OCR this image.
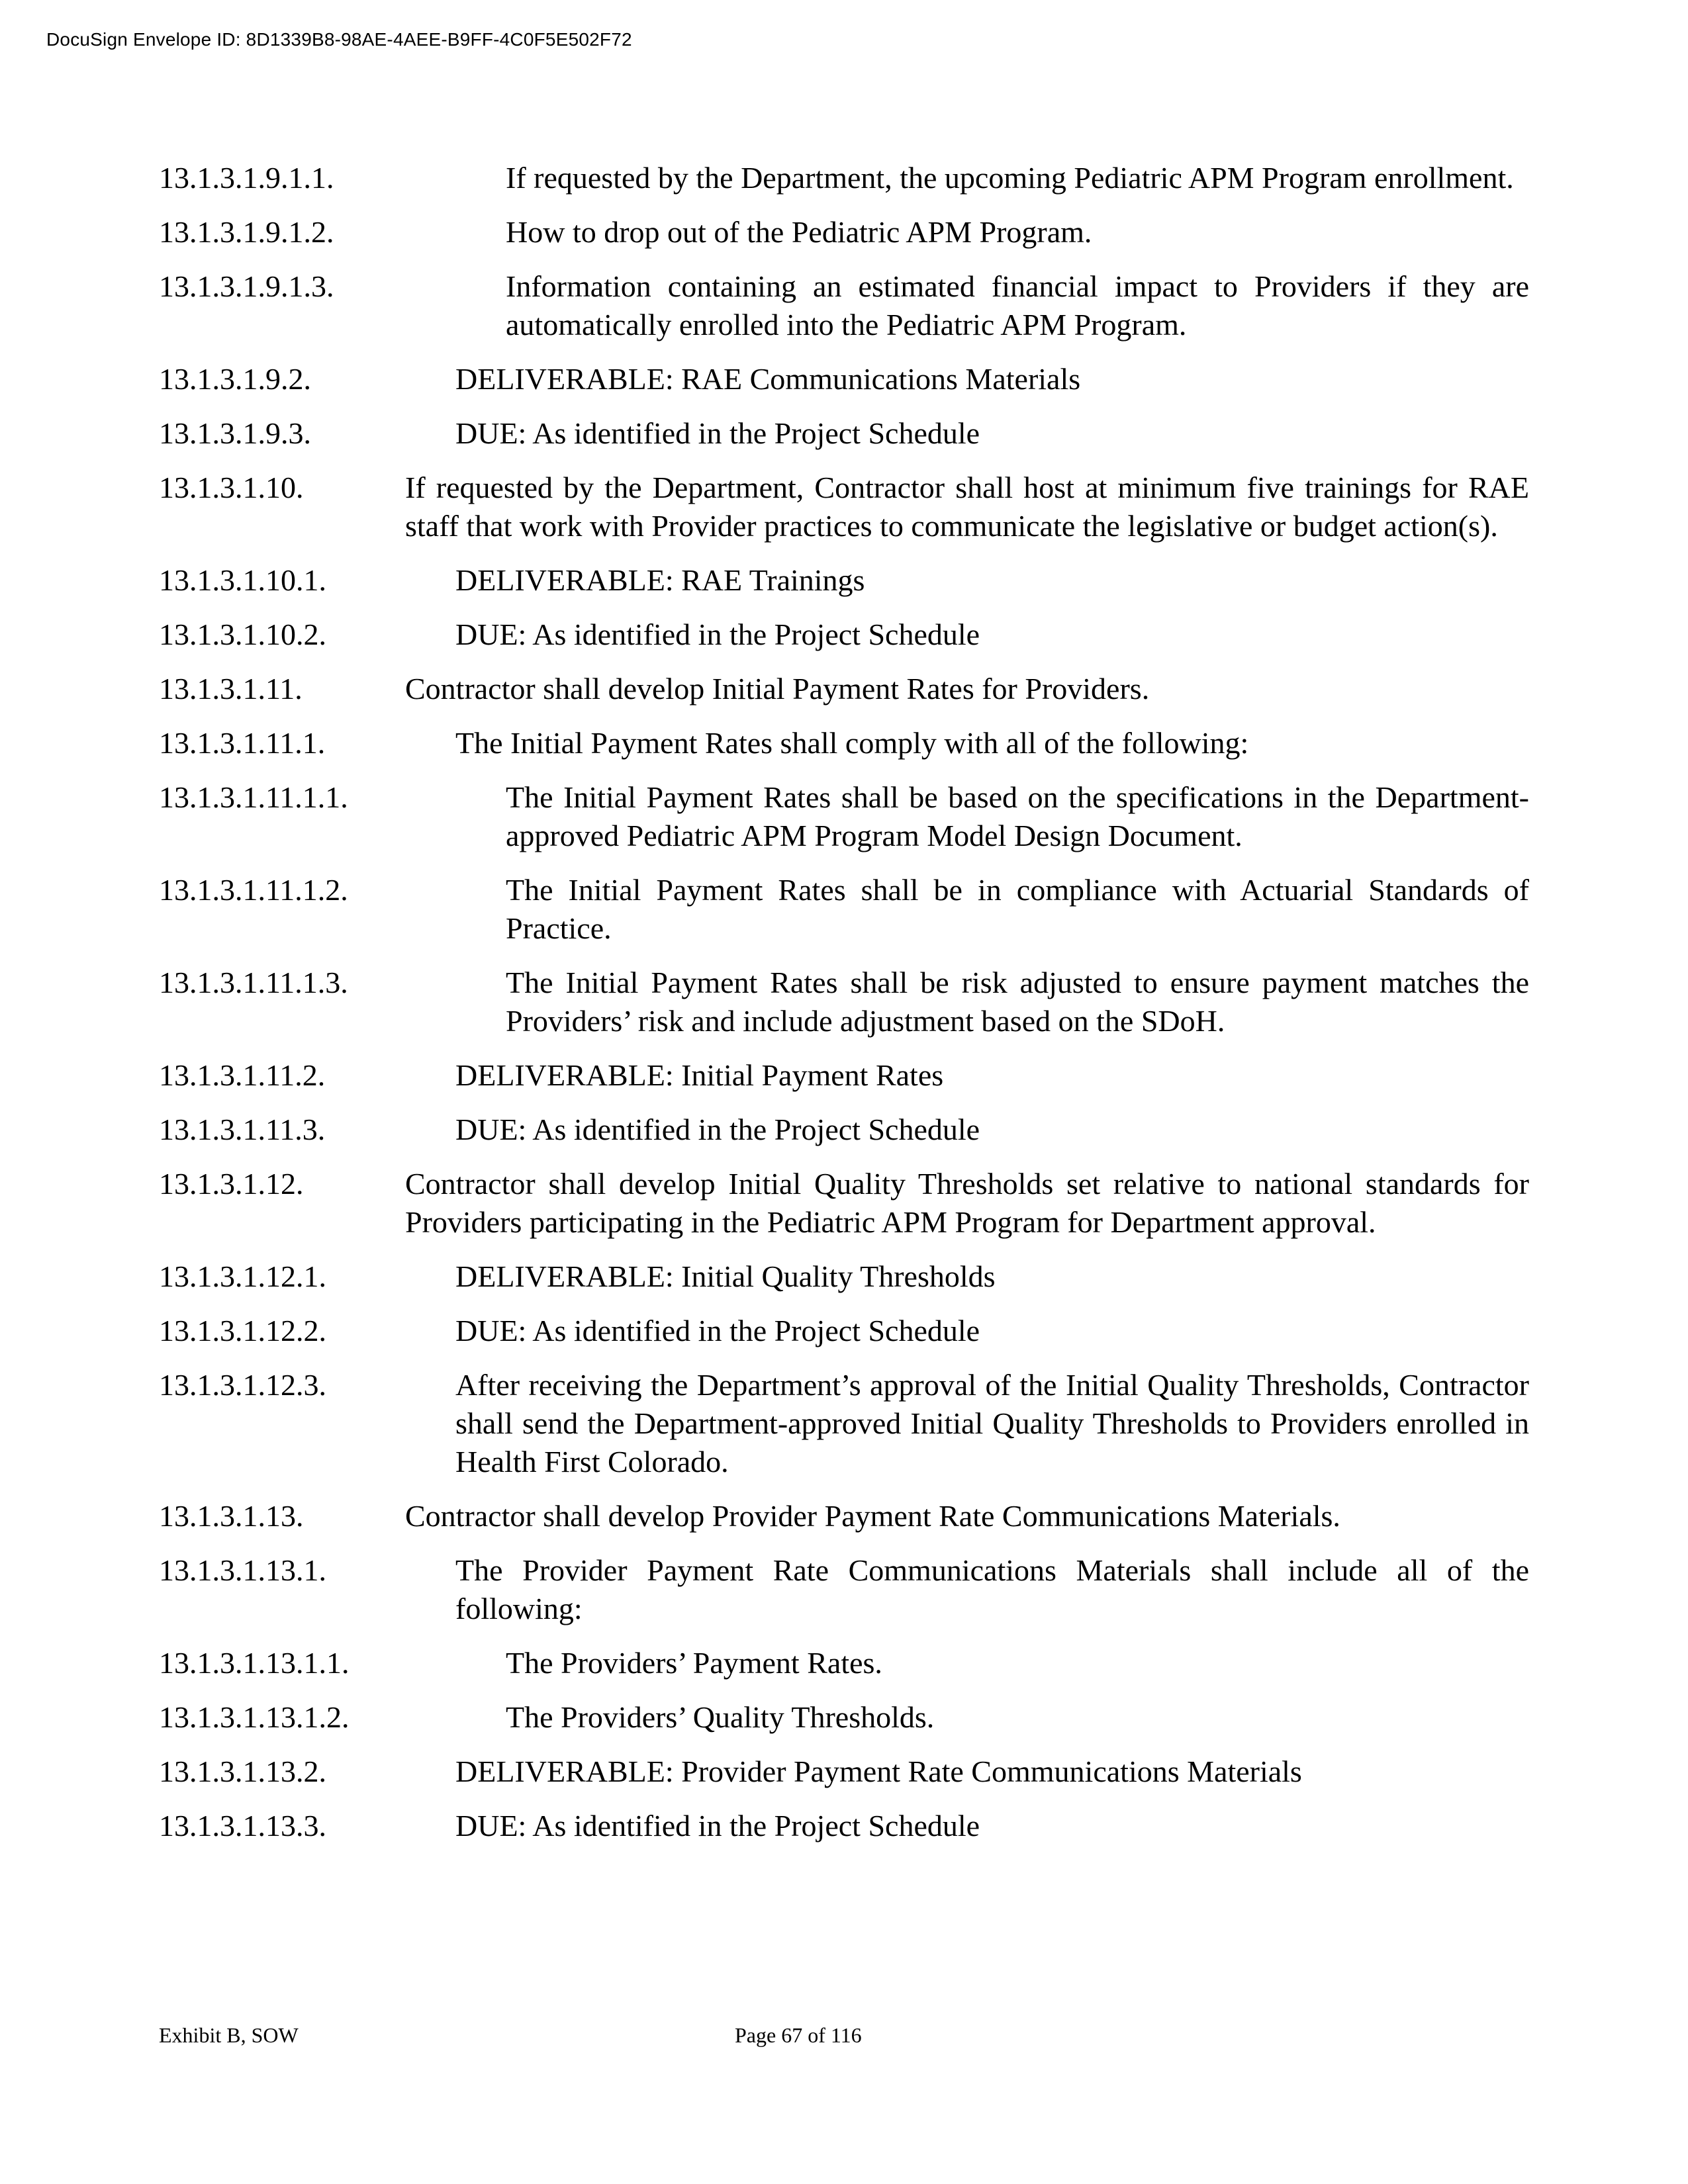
DocuSign Envelope ID: 8D1339B8-98AE-4AEE-B9FF-4C0F5E502F72
13.1.3.1.9.1.1.	If requested by the Department, the upcoming Pediatric APM Program enrollment.
13.1.3.1.9.1.2.	How to drop out of the Pediatric APM Program.
13.1.3.1.9.1.3.	Information containing an estimated financial impact to Providers if they are automatically enrolled into the Pediatric APM Program.
13.1.3.1.9.2.	DELIVERABLE: RAE Communications Materials
13.1.3.1.9.3.	DUE: As identified in the Project Schedule
13.1.3.1.10.	If requested by the Department, Contractor shall host at minimum five trainings for RAE staff that work with Provider practices to communicate the legislative or budget action(s).
13.1.3.1.10.1.	DELIVERABLE: RAE Trainings
13.1.3.1.10.2.	DUE: As identified in the Project Schedule
13.1.3.1.11.	Contractor shall develop Initial Payment Rates for Providers.
13.1.3.1.11.1.	The Initial Payment Rates shall comply with all of the following:
13.1.3.1.11.1.1.	The Initial Payment Rates shall be based on the specifications in the Department-approved Pediatric APM Program Model Design Document.
13.1.3.1.11.1.2.	The Initial Payment Rates shall be in compliance with Actuarial Standards of Practice.
13.1.3.1.11.1.3.	The Initial Payment Rates shall be risk adjusted to ensure payment matches the Providers’ risk and include adjustment based on the SDoH.
13.1.3.1.11.2.	DELIVERABLE: Initial Payment Rates
13.1.3.1.11.3.	DUE: As identified in the Project Schedule
13.1.3.1.12.	Contractor shall develop Initial Quality Thresholds set relative to national standards for Providers participating in the Pediatric APM Program for Department approval.
13.1.3.1.12.1.	DELIVERABLE: Initial Quality Thresholds
13.1.3.1.12.2.	DUE: As identified in the Project Schedule
13.1.3.1.12.3.	After receiving the Department’s approval of the Initial Quality Thresholds, Contractor shall send the Department-approved Initial Quality Thresholds to Providers enrolled in Health First Colorado.
13.1.3.1.13.	Contractor shall develop Provider Payment Rate Communications Materials.
13.1.3.1.13.1.	The Provider Payment Rate Communications Materials shall include all of the following:
13.1.3.1.13.1.1.	The Providers’ Payment Rates.
13.1.3.1.13.1.2.	The Providers’ Quality Thresholds.
13.1.3.1.13.2.	DELIVERABLE: Provider Payment Rate Communications Materials
13.1.3.1.13.3.	DUE: As identified in the Project Schedule
Exhibit B, SOW	Page 67 of 116
